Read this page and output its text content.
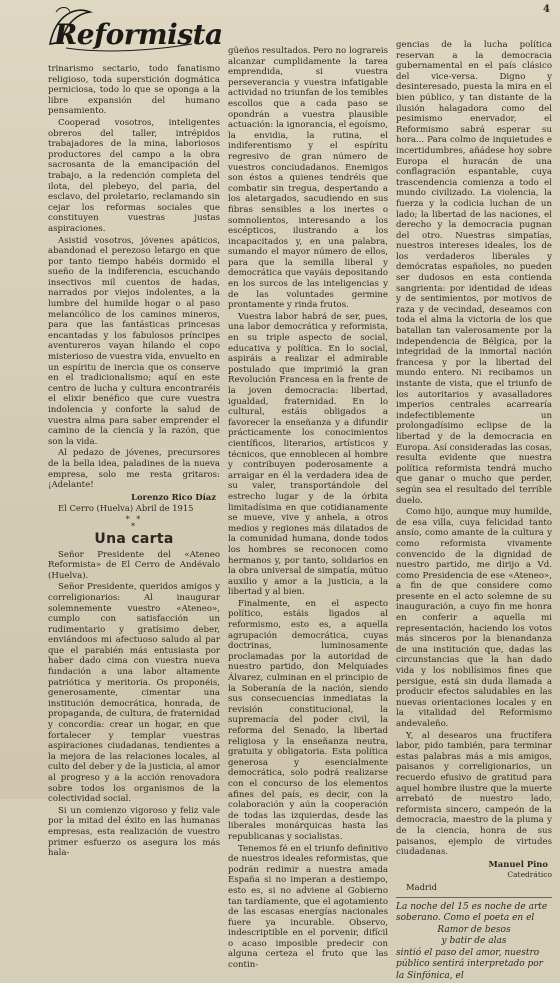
Reformista
4

trinarismo sectario, todo fanatismo religioso, toda superstición dogmática perniciosa, todo lo que se oponga a la libre expansión del humano pensamiento.

Cooperad vosotros, inteligentes obreros del taller, intrépidos trabajadores de la mina, laboriosos productores del campo a la obra sacrosanta de la emancipación del trabajo, a la redención completa del ilota, del plebeyo, del paria, del esclavo, del proletario, reclamando sin cejar los reformas sociales que constituyen vuestras justas aspiraciones.

Asistid vosotros, jóvenes apáticos, abandonad el perezoso letargo en que por tanto tiempo habéis dormido el sueño de la indiferencia, escuchando insectivos mil cuentos de hadas, narrados por viejos indolentes, a la lumbre del humilde hogar o al paso melancólico de los caminos mineros, para que las fantásticas princesas encantadas y los fabulosos príncipes aventureros vayan hilando el copo misterioso de vuestra vida, envuelto en un espíritu de inercia que os conserve en el tradicionalismo; aquí en este centro de lucha y cultura encontraréis el elixir benéfico que cure vuestra indolencia y conforte la salud de vuestra alma para saber emprender el camino de la ciencia y la razón, que son la vida.

Al pedazo de jóvenes, precursores de la bella idea, paladines de la nueva empresa, solo me resta gritaros: ¡Adelante!

Lorenzo Rico Díaz

El Cerro (Huelva) Abril de 1915

* *
*
Una carta

Señor Presidente del «Ateneo Reformista» de El Cerro de Andévalo (Huelva).

Señor Presidente, queridos amigos y correligionarios: Al inaugurar solemnemente vuestro «Ateneo», cumplo con satisfacción un rudimentario y gratísimo deber, enviándoos mi afectuoso saludo al par que el parabién más entusiasta por haber dado cima con vuestra nueva fundación a una labor altamente patriótica y meritoria. Os proponéis, generosamente, cimentar una institución democrática, honrada, de propaganda, de cultura, de fraternidad y concordia: crear un hogar, en que fortalecer y templar vuestras aspiraciones ciudadanas, tendientes a la mejora de las relaciones locales, al culto del deber y de la justicia, al amor al progreso y a la acción renovadora sobre todos los organismos de la colectividad social.

Si un comienzo vigoroso y feliz vale por la mitad del éxito en las humanas empresas, esta realización de vuestro primer esfuerzo os asegura los más hala-

güeños resultados. Pero no lograreis alcanzar cumplidamente la tarea emprendida, si vuestra perseverancia y vuestra infatigable actividad no triunfan de los temibles escollos que a cada paso se opondrán a vuestra plausible actuación: la ignorancia, el egoísmo, la envidia, la rutina, el indiferentismo y el espíritu regresivo de gran número de vuestros conciudadanos. Enemigos son éstos a quienes tendréis que combatir sin tregua, despertando a los aletargados, sacudiendo en sus fibras sensibles a los inertes o somnolientos, interesando a los escépticos, ilustrando a los incapacitados y, en una palabra, sumando el mayor número de ellos, para que la semilla liberal y democrática que vayáis depositando en los surcos de las inteligencias y de las voluntades germine prontamente y rinda frutos.

Vuestra labor habrá de ser, pues, una labor democrática y reformista, en su triple aspecto de social, educativa y política. En lo social, aspiráis a realizar el admirable postulado que imprimió la gran Revolución Francesa en la frente de la joven democracia: libertad, igualdad, fraternidad. En lo cultural, estáis obligados a favorecer la enseñanza y a difundir prácticamente los conocimientos científicos, literarios, artísticos y técnicos, que ennoblecen al hombre y contribuyen poderosamente a arraigar en él la verdadera idea de su valer, transportándole del estrecho lugar y de la órbita limitadísima en que cotidianamente se mueve, vive y anhela, a otros medios y regiones más dilatados de la comunidad humana, donde todos los hombres se reconocen como hermanos y, por tanto, solidarios en la obra universal de simpatía, mútuo auxilio y amor a la justicia, a la libertad y al bien.

Finalmente, en el aspecto político, estáis ligados al reformismo, esto es, a aquella agrupación democrática, cuyas doctrinas, luminosamente proclamadas por la autoridad de nuestro partido, don Melquiades Álvarez, culminan en el principio de la Soberanía de la nación, siendo sus consecuencias inmediatas la revisión constitucional, la supremacía del poder civil, la reforma del Senado, la libertad religiosa y la enseñanza neutra, gratuita y obligatoria. Esta política generosa y esencialmente democrática, solo podrá realizarse con el concurso de los elementos afines del país, es decir, con la colaboración y aún la cooperación de todas las izquierdas, desde las liberales monárquicas hasta las republicanas y socialistas.

Tenemos fé en el triunfo definitivo de nuestros ideales reformistas, que podrán redimir a nuestra amada España si no imperan a destiempo, esto es, si no adviene al Gobierno tan tardíamente, que el agotamiento de las escasas energías nacionales fuere ya incurable. Observo, indescriptible en el porvenir, difícil o acaso imposible predecir con alguna certeza el fruto que las contin-

gencias de la lucha política reservan a la democracia gubernamental en el país clásico del vice-versa. Digno y desinteresado, puesta la mira en el bien público, y tan distante de la ilusión halagadora como del pesimismo enervador, el Reformismo sabrá esperar su hora... Para colmo de inquietudes e incertidumbres, añádese hoy sobre Europa el huracán de una conflagración espantable, cuya trascendencia comienza a todo el mundo civilizado. La violencia, la fuerza y la codicia luchan de un lado; la libertad de las naciones, el derecho y la democracia pugnan del otro. Nuestras simpatías, nuestros intereses ideales, los de los verdaderos liberales y demócratas españoles, no pueden ser dudosos en esta contienda sangrienta: por identidad de ideas y de sentimientos, por motivos de raza y de vecindad, deseamos con toda el alma la victoria de los que batallan tan valerosamente por la independencia de Bélgica, por la integridad de la inmortal nación francesa y por la libertad del mundo entero. Ni recibamos un instante de vista, que el triunfo de los autoritarios y avasalladores imperios centrales acarrearía indefectiblemente un prolongadísimo eclipse de la libertad y de la democracia en Europa. Así consideradas las cosas, resulta evidente que nuestra política reformista tendrá mucho que ganar o mucho que perder, según sea el resultado del terrible duelo.

Como hijo, aunque muy humilde, de esa villa, cuya felicidad tanto ansío, como amante de la cultura y como reformista vivamente convencido de la dignidad de nuestro partido, me dirijo a Vd. como Presidencia de ese «Ateneo», a fin de que considere como presente en el acto solemne de su inauguración, a cuyo fin me honra en conferir a aquella mi representación, haciendo los votos más sinceros por la bienandanza de una institución que, dadas las circunstancias que la han dado vida y los nobilísimos fines que persigue, está sin duda llamada a producir efectos saludables en las nuevas orientaciones locales y en la vitalidad del Reformismo andevaleño.

Y, al desearos una fructífera labor, pido también, para terminar estas palabras más a mis amigos, paisanos y correligionarios, un recuerdo efusivo de gratitud para aquel hombre ilustre que la muerte arrebató de nuestro lado, reformista sincero, campeón de la democracia, maestro de la pluma y de la ciencia, honra de sus paisanos, ejemplo de virtudes ciudadanas.

Manuel Pino

Catedrático

Madrid

La noche del 15 es noche de arte soberano. Como el poeta en el
Ramor de besos
y batir de alas
sintió el paso del amor, nuestro público sentirá interpretado por la Sinfónica, el
